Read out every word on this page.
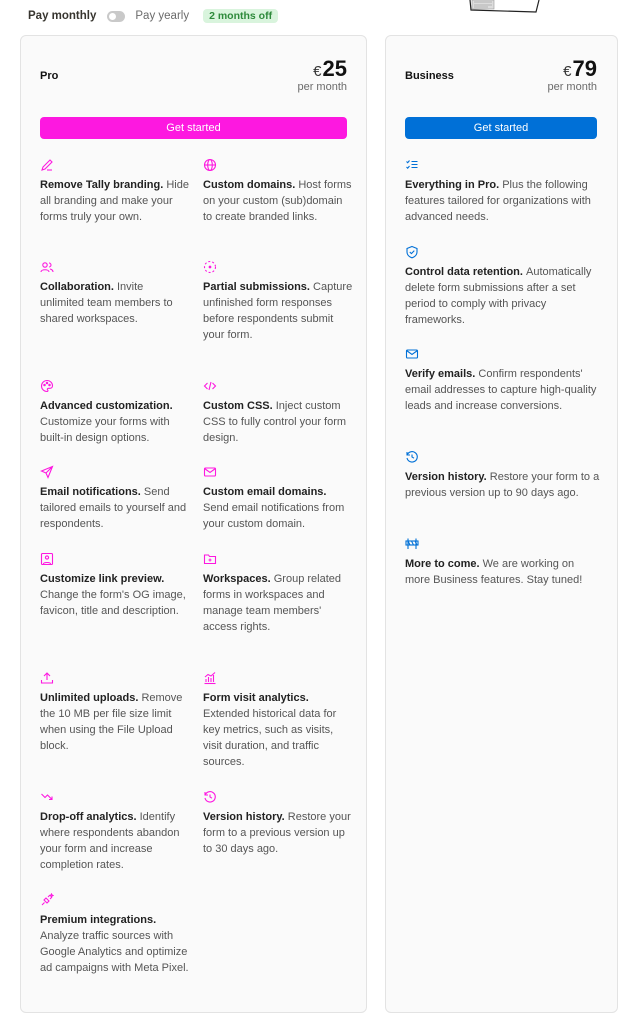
Pay monthly	Pay yearly	2 months off
Pro	€25
per month
Get started
Remove Tally branding. Hide all branding and make your forms truly your own.
Custom domains. Host forms on your custom (sub)domain to create branded links.
Collaboration. Invite unlimited team members to shared workspaces.
Partial submissions. Capture unfinished form responses before respondents submit your form.
Advanced customization. Customize your forms with built-in design options.
Custom CSS. Inject custom CSS to fully control your form design.
Email notifications. Send tailored emails to yourself and respondents.
Custom email domains. Send email notifications from your custom domain.
Customize link preview. Change the form's OG image, favicon, title and description.
Workspaces. Group related forms in workspaces and manage team members' access rights.
Unlimited uploads. Remove the 10 MB per file size limit when using the File Upload block.
Form visit analytics. Extended historical data for key metrics, such as visits, visit duration, and traffic sources.
Drop-off analytics. Identify where respondents abandon your form and increase completion rates.
Version history. Restore your form to a previous version up to 30 days ago.
Premium integrations. Analyze traffic sources with Google Analytics and optimize ad campaigns with Meta Pixel.
Business	€79
per month
Get started
Everything in Pro. Plus the following features tailored for organizations with advanced needs.
Control data retention. Automatically delete form submissions after a set period to comply with privacy frameworks.
Verify emails. Confirm respondents' email addresses to capture high-quality leads and increase conversions.
Version history. Restore your form to a previous version up to 90 days ago.
More to come. We are working on more Business features. Stay tuned!
